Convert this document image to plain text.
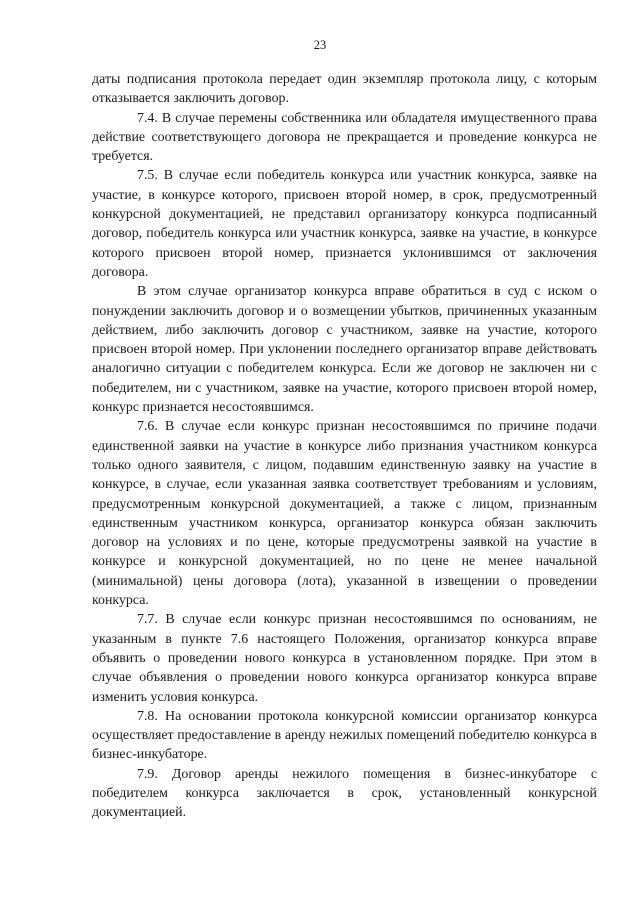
23

даты подписания протокола передает один экземпляр протокола лицу, с которым отказывается заключить договор.

7.4. В случае перемены собственника или обладателя имущественного права действие соответствующего договора не прекращается и проведение конкурса не требуется.

7.5. В случае если победитель конкурса или участник конкурса, заявке на участие, в конкурсе которого, присвоен второй номер, в срок, предусмотренный конкурсной документацией, не представил организатору конкурса подписанный договор, победитель конкурса или участник конкурса, заявке на участие, в конкурсе которого присвоен второй номер, признается уклонившимся от заключения договора.

В этом случае организатор конкурса вправе обратиться в суд с иском о понуждении заключить договор и о возмещении убытков, причиненных указанным действием, либо заключить договор с участником, заявке на участие, которого присвоен второй номер. При уклонении последнего организатор вправе действовать аналогично ситуации с победителем конкурса. Если же договор не заключен ни с победителем, ни с участником, заявке на участие, которого присвоен второй номер, конкурс признается несостоявшимся.

7.6. В случае если конкурс признан несостоявшимся по причине подачи единственной заявки на участие в конкурсе либо признания участником конкурса только одного заявителя, с лицом, подавшим единственную заявку на участие в конкурсе, в случае, если указанная заявка соответствует требованиям и условиям, предусмотренным конкурсной документацией, а также с лицом, признанным единственным участником конкурса, организатор конкурса обязан заключить договор на условиях и по цене, которые предусмотрены заявкой на участие в конкурсе и конкурсной документацией, но по цене не менее начальной (минимальной) цены договора (лота), указанной в извещении о проведении конкурса.

7.7. В случае если конкурс признан несостоявшимся по основаниям, не указанным в пункте 7.6 настоящего Положения, организатор конкурса вправе объявить о проведении нового конкурса в установленном порядке. При этом в случае объявления о проведении нового конкурса организатор конкурса вправе изменить условия конкурса.

7.8. На основании протокола конкурсной комиссии организатор конкурса осуществляет предоставление в аренду нежилых помещений победителю конкурса в бизнес-инкубаторе.

7.9. Договор аренды нежилого помещения в бизнес-инкубаторе с победителем конкурса заключается в срок, установленный конкурсной документацией.
